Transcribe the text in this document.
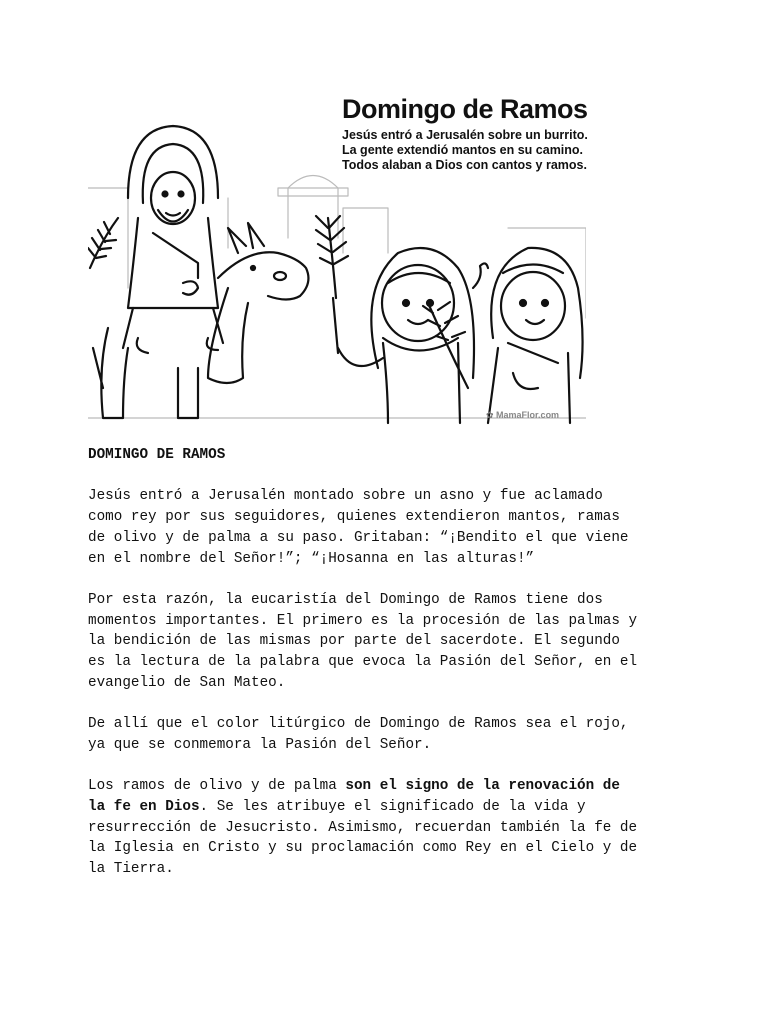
Domingo de Ramos
Jesús entró a Jerusalén sobre un burrito.
La gente extendió mantos en su camino.
Todos alaban a Dios con cantos y ramos.
✿ MamaFlor.com
DOMINGO DE RAMOS

Jesús entró a Jerusalén montado sobre un asno y fue aclamado
como rey por sus seguidores, quienes extendieron mantos, ramas
de olivo y de palma a su paso. Gritaban: “¡Bendito el que viene
en el nombre del Señor!”; “¡Hosanna en las alturas!”

Por esta razón, la eucaristía del Domingo de Ramos tiene dos
momentos importantes. El primero es la procesión de las palmas y
la bendición de las mismas por parte del sacerdote. El segundo
es la lectura de la palabra que evoca la Pasión del Señor, en el
evangelio de San Mateo.

De allí que el color litúrgico de Domingo de Ramos sea el rojo,
ya que se conmemora la Pasión del Señor.

Los ramos de olivo y de palma son el signo de la renovación de
la fe en Dios. Se les atribuye el significado de la vida y
resurrección de Jesucristo. Asimismo, recuerdan también la fe de
la Iglesia en Cristo y su proclamación como Rey en el Cielo y de
la Tierra.
